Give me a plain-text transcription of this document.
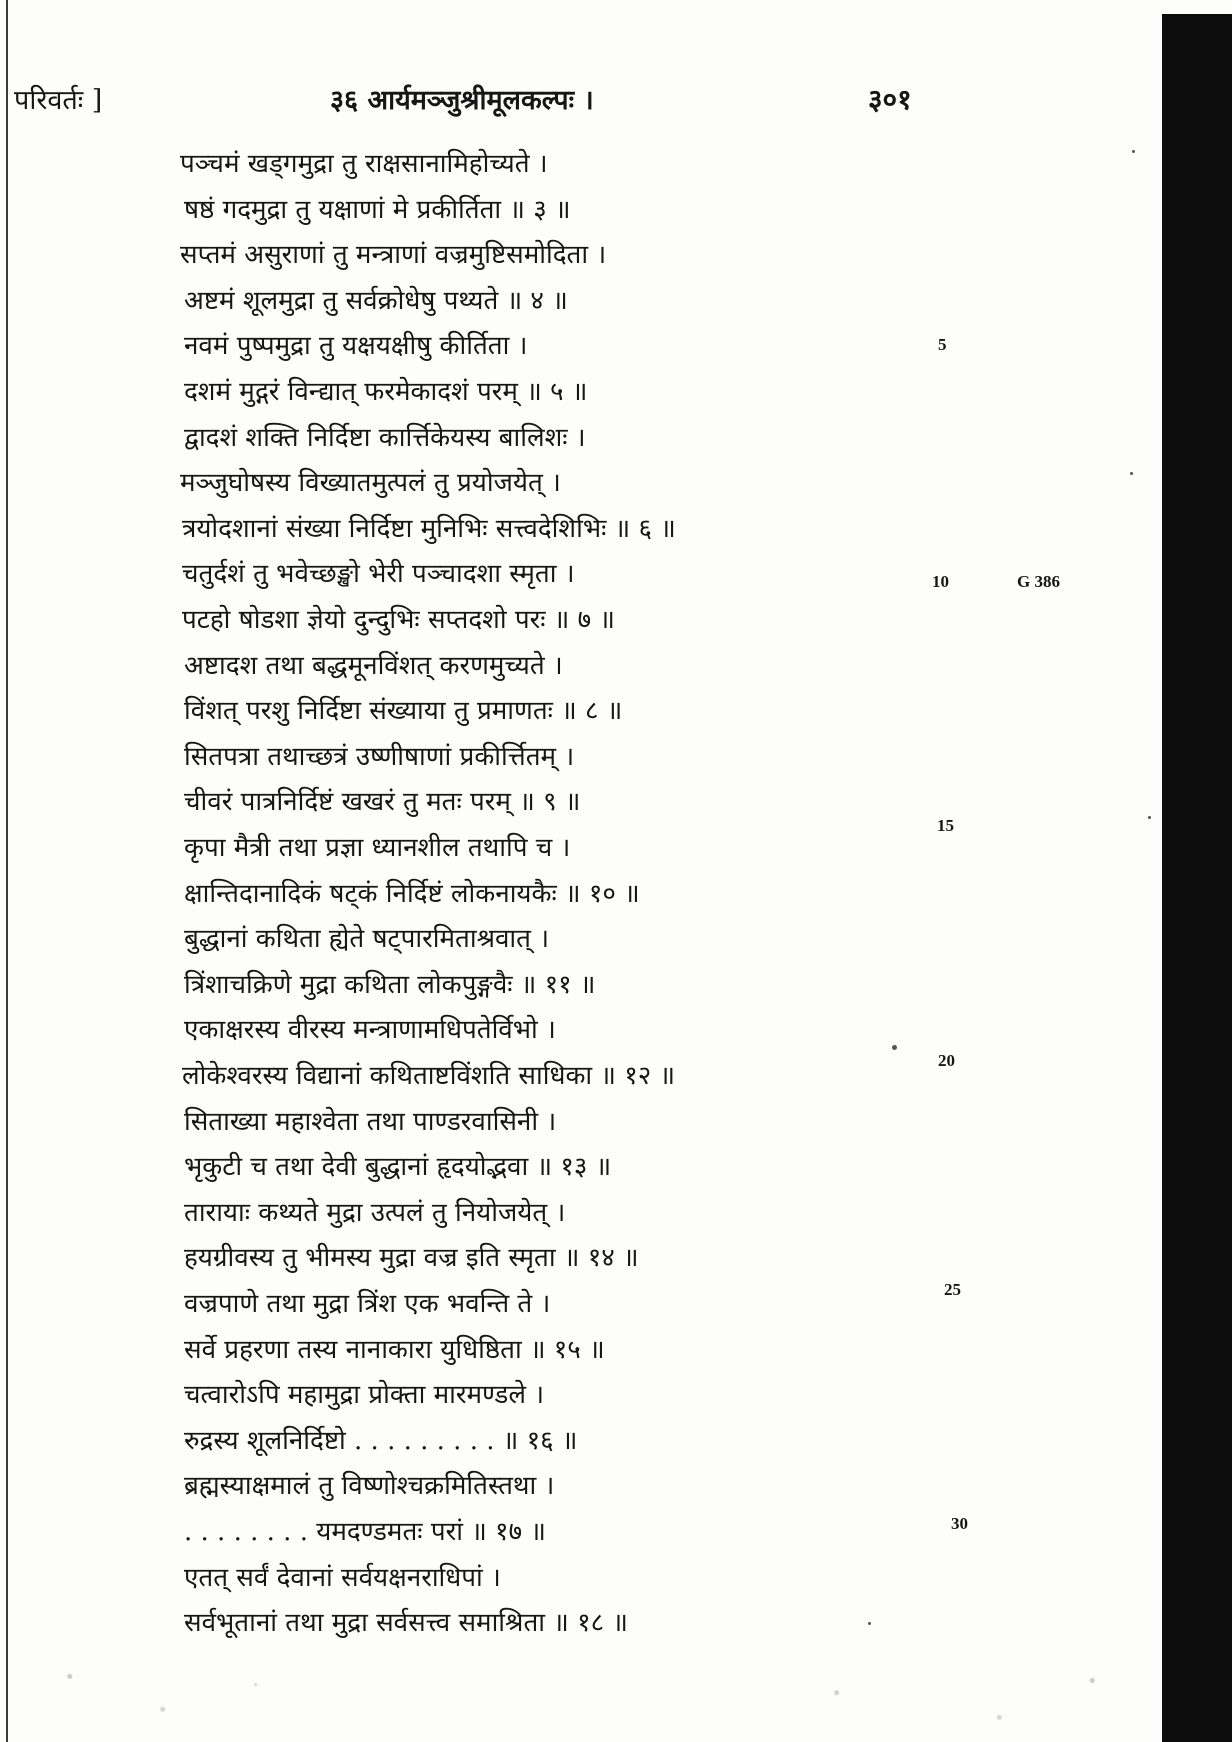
परिवर्तः ]	३६ आर्यमञ्जुश्रीमूलकल्पः ।	३०१
पञ्चमं खड्गमुद्रा तु राक्षसानामिहोच्यते ।
षष्ठं गदमुद्रा तु यक्षाणां मे प्रकीर्तिता ॥ ३ ॥
सप्तमं असुराणां तु मन्त्राणां वज्रमुष्टिसमोदिता ।
अष्टमं शूलमुद्रा तु सर्वक्रोधेषु पथ्यते ॥ ४ ॥
नवमं पुष्पमुद्रा तु यक्षयक्षीषु कीर्तिता ।
दशमं मुद्गरं विन्द्यात् फरमेकादशं परम् ॥ ५ ॥
द्वादशं शक्ति निर्दिष्टा कार्त्तिकेयस्य बालिशः ।
मञ्जुघोषस्य विख्यातमुत्पलं तु प्रयोजयेत् ।
त्रयोदशानां संख्या निर्दिष्टा मुनिभिः सत्त्वदेशिभिः ॥ ६ ॥
चतुर्दशं तु भवेच्छङ्खो भेरी पञ्चादशा स्मृता ।
पटहो षोडशा ज्ञेयो दुन्दुभिः सप्तदशो परः ॥ ७ ॥
अष्टादश तथा बद्धमूनविंशत् करणमुच्यते ।
विंशत् परशु निर्दिष्टा संख्याया तु प्रमाणतः ॥ ८ ॥
सितपत्रा तथाच्छत्रं उष्णीषाणां प्रकीर्त्तितम् ।
चीवरं पात्रनिर्दिष्टं खखरं तु मतः परम् ॥ ९ ॥
कृपा मैत्री तथा प्रज्ञा ध्यानशील तथापि च ।
क्षान्तिदानादिकं षट्कं निर्दिष्टं लोकनायकैः ॥ १० ॥
बुद्धानां कथिता ह्येते षट्पारमिताश्रवात् ।
त्रिंशाचक्रिणे मुद्रा कथिता लोकपुङ्गवैः ॥ ११ ॥
एकाक्षरस्य वीरस्य मन्त्राणामधिपतेर्विभो ।
लोकेश्वरस्य विद्यानां कथिताष्टविंशति साधिका ॥ १२ ॥
सिताख्या महाश्वेता तथा पाण्डरवासिनी ।
भृकुटी च तथा देवी बुद्धानां हृदयोद्भवा ॥ १३ ॥
तारायाः कथ्यते मुद्रा उत्पलं तु नियोजयेत् ।
हयग्रीवस्य तु भीमस्य मुद्रा वज्र इति स्मृता ॥ १४ ॥
वज्रपाणे तथा मुद्रा त्रिंश एक भवन्ति ते ।
सर्वे प्रहरणा तस्य नानाकारा युधिष्ठिता ॥ १५ ॥
चत्वारोऽपि महामुद्रा प्रोक्ता मारमण्डले ।
रुद्रस्य शूलनिर्दिष्टो . . . . . . . . . ॥ १६ ॥
ब्रह्मस्याक्षमालं तु विष्णोश्चक्रमितिस्तथा ।
. . . . . . . . यमदण्डमतः परां ॥ १७ ॥
एतत् सर्वं देवानां सर्वयक्षनराधिपां ।
सर्वभूतानां तथा मुद्रा सर्वसत्त्व समाश्रिता ॥ १८ ॥
5
10	G 386
15
20
25
30
